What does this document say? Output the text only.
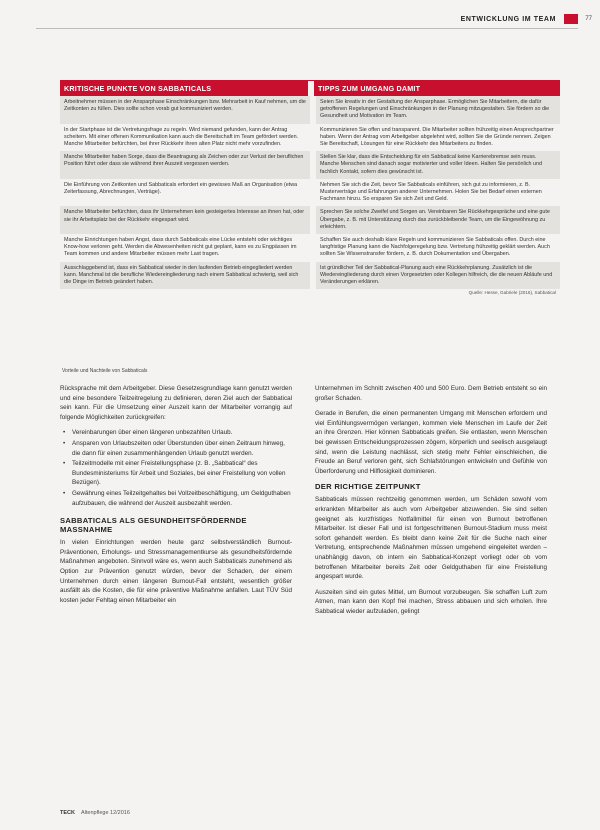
ENTWICKLUNG IM TEAM	77
KRITISCHE PUNKTE VON SABBATICALS	TIPPS ZUM UMGANG DAMIT
Arbeitnehmer müssen in der Ansparphase Einschränkungen bzw. Mehrarbeit in Kauf nehmen, um die Zeitkonten zu füllen. Dies sollte schon vorab gut kommuniziert werden.
Seien Sie kreativ in der Gestaltung der Ansparphase. Ermöglichen Sie Mitarbeitern, die dafür getroffenen Regelungen und Einschränkungen in der Planung mitzugestalten. Sie fördern so die Gesundheit und Motivation im Team.
In der Startphase ist die Vertretungsfrage zu regeln. Wird niemand gefunden, kann der Antrag scheitern. Mit einer offenen Kommunikation kann auch die Bereitschaft im Team gefördert werden. Manche Mitarbeiter befürchten, bei ihrer Rückkehr ihren alten Platz nicht mehr vorzufinden.
Kommunizieren Sie offen und transparent. Die Mitarbeiter sollten frühzeitig einen Ansprechpartner haben. Wenn der Antrag vom Arbeitgeber abgelehnt wird, sollten Sie die Gründe nennen. Zeigen Sie Bereitschaft, Lösungen für eine Rückkehr des Mitarbeiters zu finden.
Manche Mitarbeiter haben Sorge, dass die Beantragung als Zeichen oder zur Verlust der beruflichen Position führt oder dass sie während ihrer Auszeit vergessen werden.
Stellen Sie klar, dass die Entscheidung für ein Sabbatical keine Karrierebremse sein muss. Manche Menschen sind danach sogar motivierter und voller Ideen. Halten Sie persönlich und fachlich Kontakt, sofern dies gewünscht ist.
Die Einführung von Zeitkonten und Sabbaticals erfordert ein gewisses Maß an Organisation (etwa Zeiterfassung, Abrechnungen, Verträge).
Nehmen Sie sich die Zeit, bevor Sie Sabbaticals einführen, sich gut zu informieren, z. B. Musterverträge und Erfahrungen anderer Unternehmen. Holen Sie bei Bedarf einen externen Fachmann hinzu. So ersparen Sie sich Zeit und Geld.
Manche Mitarbeiter befürchten, dass ihr Unternehmen kein gesteigertes Interesse an ihnen hat, oder sie ihr Arbeitsplatz bei der Rückkehr eingespart wird.
Sprechen Sie solche Zweifel und Sorgen an. Vereinbaren Sie Rückkehrgespräche und eine gute Übergabe, z. B. mit Unterstützung durch das zurückbleibende Team, um die Eingewöhnung zu erleichtern.
Manche Einrichtungen haben Angst, dass durch Sabbaticals eine Lücke entsteht oder wichtiges Know-how verloren geht. Werden die Abwesenheiten nicht gut geplant, kann es zu Engpässen im Team kommen und andere Mitarbeiter müssen mehr Last tragen.
Schaffen Sie auch deshalb klare Regeln und kommunizieren Sie Sabbaticals offen. Durch eine langfristige Planung kann die Nachfolgeregelung bzw. Vertretung frühzeitig geklärt werden. Auch sollten Sie Wissenstransfer fördern, z. B. durch Dokumentation und Übergaben.
Ausschlaggebend ist, dass ein Sabbatical wieder in den laufenden Betrieb eingegliedert werden kann. Manchmal ist die berufliche Wiedereingliederung nach einem Sabbatical schwierig, weil sich die Dinge im Betrieb geändert haben.
Ist gründlicher Teil der Sabbatical-Planung auch eine Rückkehrplanung. Zusätzlich ist die Wiedereingliederung durch einen Vorgesetzten oder Kollegen hilfreich, die die neuen Abläufe und Veränderungen erklären.
Quelle: Hesse, Gabriele (2016), Sabbatical
Vorteile und Nachteile von Sabbaticals

Rücksprache mit dem Arbeitgeber. Diese Gesetzesgrundlage kann genutzt werden und eine besondere Teilzeitregelung zu definieren, deren Ziel auch der Sabbatical sein kann. Für die Umsetzung einer Auszeit kann der Mitarbeiter vorrangig auf folgende Möglichkeiten zurückgreifen:

• Vereinbarungen über einen längeren unbezahlten Urlaub.
• Ansparen von Urlaubszeiten oder Überstunden über einen Zeitraum hinweg, die dann für einen zusammenhängenden Urlaub genutzt werden.
• Teilzeitmodelle mit einer Freistellungsphase (z. B. „Sabbatical“ des Bundesministeriums für Arbeit und Soziales, bei einer Freistellung von vollen Bezügen).
• Gewährung eines Teilzeitgehaltes bei Vollzeitbeschäftigung, um Geldguthaben aufzubauen, die während der Auszeit ausbezahlt werden.
SABBATICALS ALS GESUNDHEITSFÖRDERNDE MASSNAHME

In vielen Einrichtungen werden heute ganz selbstverständlich Burnout-Präventionen, Erholungs- und Stressmanagementkurse als gesundheitsfördernde Maßnahmen angeboten. Sinnvoll wäre es, wenn auch Sabbaticals zunehmend als Option zur Prävention genutzt würden, bevor der Schaden, der einem Unternehmen durch einen längeren Burnout-Fall entsteht, wesentlich größer ausfällt als die Kosten, die für eine präventive Maßnahme anfallen. Laut TÜV Süd kosten jeder Fehltag einen Mitarbeiter ein

Unternehmen im Schnitt zwischen 400 und 500 Euro. Dem Betrieb entsteht so ein großer Schaden.

Gerade in Berufen, die einen permanenten Umgang mit Menschen erfordern und viel Einfühlungsvermögen verlangen, kommen viele Menschen im Laufe der Zeit an ihre Grenzen. Hier können Sabbaticals greifen. Sie entlasten, wenn Menschen bei gewissen Entscheidungsprozessen zögern, körperlich und seelisch ausgelaugt sind, wenn die Leistung nachlässt, sich stetig mehr Fehler einschleichen, die Freude an Beruf verloren geht, sich Schlafstörungen entwickeln und Gefühle von Überforderung und Hilflosigkeit dominieren.

DER RICHTIGE ZEITPUNKT

Sabbaticals müssen rechtzeitig genommen werden, um Schäden sowohl vom erkrankten Mitarbeiter als auch vom Arbeitgeber abzuwenden. Sie sind selten geeignet als kurzfristiges Notfallmittel für einen von Burnout betroffenen Mitarbeiter. Ist dieser Fall und ist fortgeschrittenen Burnout-Stadium muss meist sofort gehandelt werden. Es bleibt dann keine Zeit für die Suche nach einer Vertretung, entsprechende Maßnahmen müssen umgehend eingeleitet werden – unabhängig davon, ob intern ein Sabbatical-Konzept vorliegt oder ob vom betroffenen Mitarbeiter bereits Zeit oder Geldguthaben für eine Freistellung angespart wurde.

Auszeiten sind ein gutes Mittel, um Burnout vorzubeugen. Sie schaffen Luft zum Atmen, man kann den Kopf frei machen, Stress abbauen und sich erholen. Ihre Sabbatical wieder aufzuladen, gelingt

TECK Altenpflege 12/2016
